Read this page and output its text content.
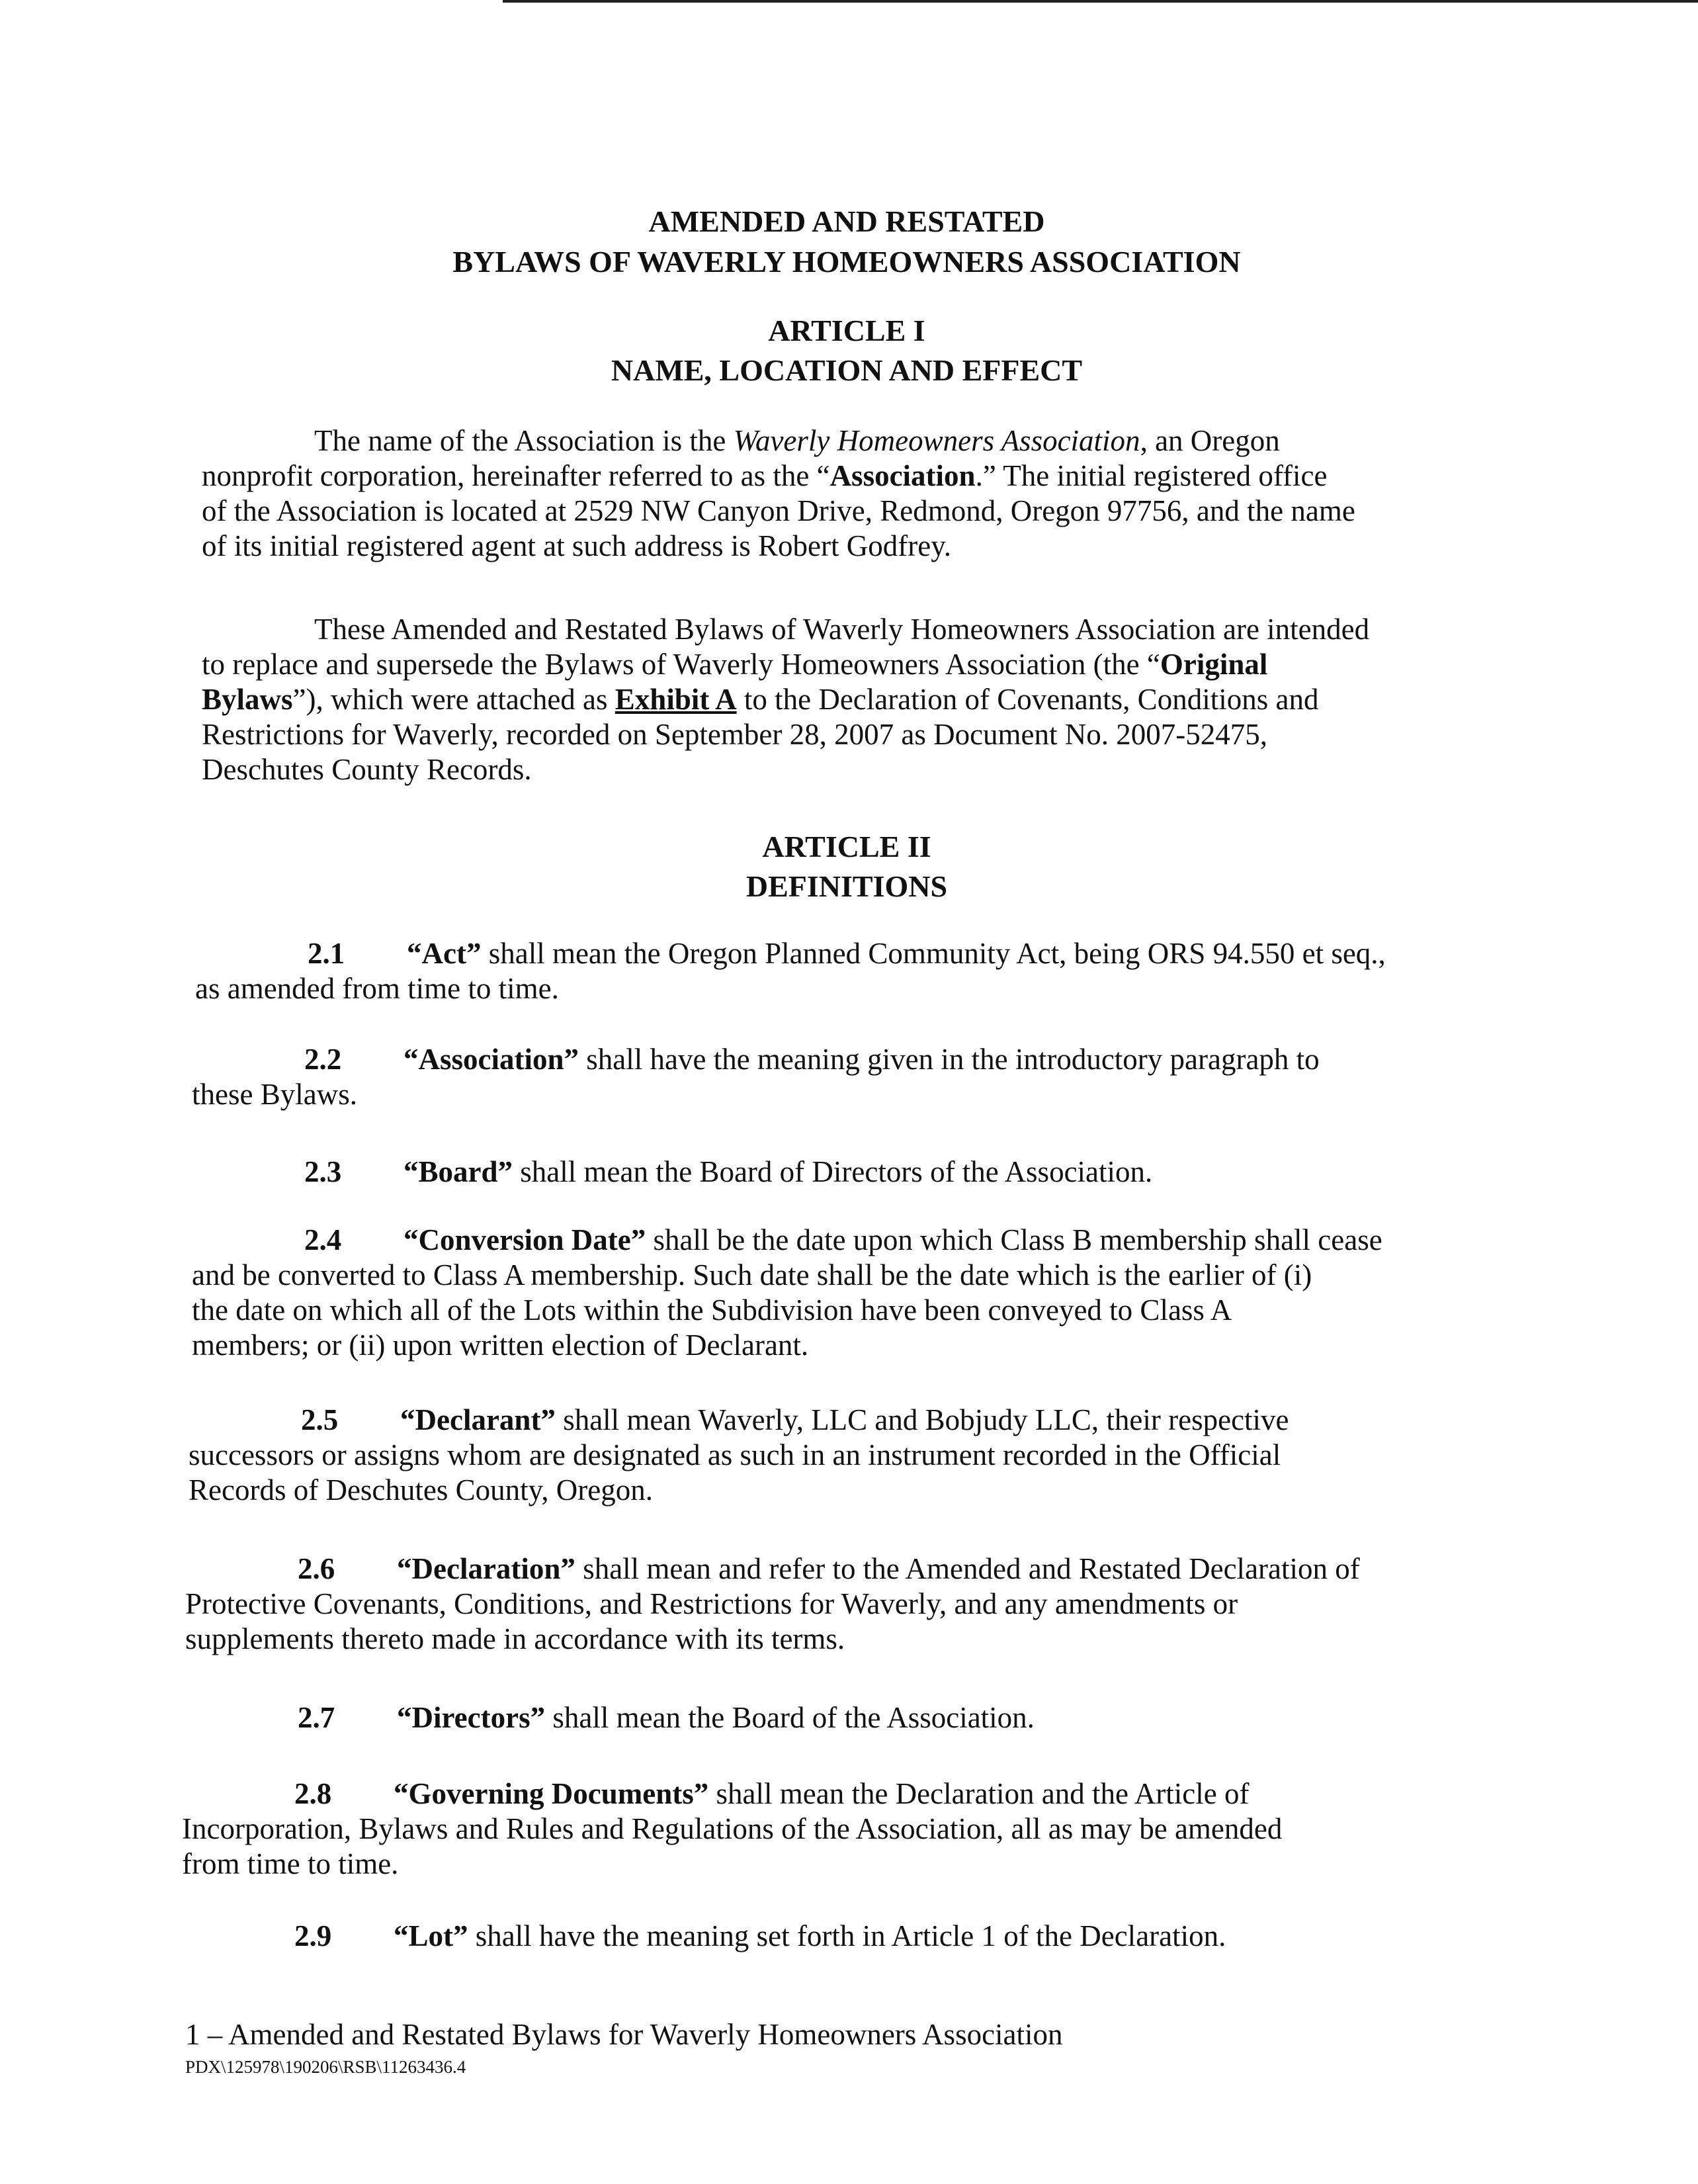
AMENDED AND RESTATED
BYLAWS OF WAVERLY HOMEOWNERS ASSOCIATION
ARTICLE I
NAME, LOCATION AND EFFECT
The name of the Association is the Waverly Homeowners Association, an Oregon
nonprofit corporation, hereinafter referred to as the “Association.” The initial registered office
of the Association is located at 2529 NW Canyon Drive, Redmond, Oregon 97756, and the name
of its initial registered agent at such address is Robert Godfrey.
These Amended and Restated Bylaws of Waverly Homeowners Association are intended
to replace and supersede the Bylaws of Waverly Homeowners Association (the “Original
Bylaws”), which were attached as Exhibit A to the Declaration of Covenants, Conditions and
Restrictions for Waverly, recorded on September 28, 2007 as Document No. 2007-52475,
Deschutes County Records.
ARTICLE II
DEFINITIONS
2.1 “Act” shall mean the Oregon Planned Community Act, being ORS 94.550 et seq.,
as amended from time to time.
2.2 “Association” shall have the meaning given in the introductory paragraph to
these Bylaws.
2.3 “Board” shall mean the Board of Directors of the Association.
2.4 “Conversion Date” shall be the date upon which Class B membership shall cease
and be converted to Class A membership. Such date shall be the date which is the earlier of (i)
the date on which all of the Lots within the Subdivision have been conveyed to Class A
members; or (ii) upon written election of Declarant.
2.5 “Declarant” shall mean Waverly, LLC and Bobjudy LLC, their respective
successors or assigns whom are designated as such in an instrument recorded in the Official
Records of Deschutes County, Oregon.
2.6 “Declaration” shall mean and refer to the Amended and Restated Declaration of
Protective Covenants, Conditions, and Restrictions for Waverly, and any amendments or
supplements thereto made in accordance with its terms.
2.7 “Directors” shall mean the Board of the Association.
2.8 “Governing Documents” shall mean the Declaration and the Article of
Incorporation, Bylaws and Rules and Regulations of the Association, all as may be amended
from time to time.
2.9 “Lot” shall have the meaning set forth in Article 1 of the Declaration.
1 – Amended and Restated Bylaws for Waverly Homeowners Association
PDX\125978\190206\RSB\11263436.4
